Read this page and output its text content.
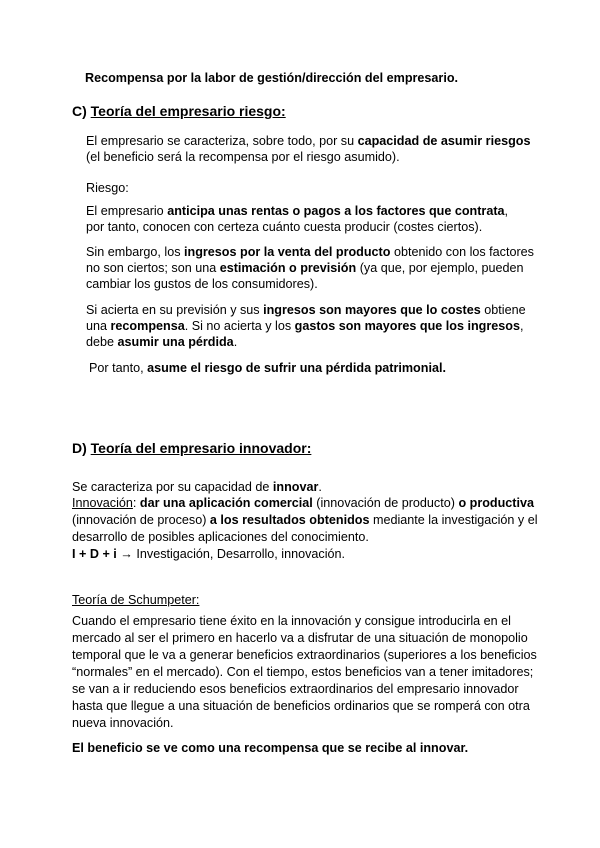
Recompensa por la labor de gestión/dirección del empresario.
C) Teoría del empresario riesgo:
El empresario se caracteriza, sobre todo, por su capacidad de asumir riesgos
(el beneficio será la recompensa por el riesgo asumido).
Riesgo:
El empresario anticipa unas rentas o pagos a los factores que contrata,
por tanto, conocen con certeza cuánto cuesta producir (costes ciertos).
Sin embargo, los ingresos por la venta del producto obtenido con los factores
no son ciertos; son una estimación o previsión (ya que, por ejemplo, pueden
cambiar los gustos de los consumidores).
Si acierta en su previsión y sus ingresos son mayores que lo costes obtiene
una recompensa. Si no acierta y los gastos son mayores que los ingresos,
debe asumir una pérdida.
Por tanto, asume el riesgo de sufrir una pérdida patrimonial.
D) Teoría del empresario innovador:
Se caracteriza por su capacidad de innovar.
Innovación: dar una aplicación comercial (innovación de producto) o productiva
(innovación de proceso) a los resultados obtenidos mediante la investigación y el
desarrollo de posibles aplicaciones del conocimiento.
I + D + i → Investigación, Desarrollo, innovación.
Teoría de Schumpeter:
Cuando el empresario tiene éxito en la innovación y consigue introducirla en el
mercado al ser el primero en hacerlo va a disfrutar de una situación de monopolio
temporal que le va a generar beneficios extraordinarios (superiores a los beneficios
“normales” en el mercado). Con el tiempo, estos beneficios van a tener imitadores;
se van a ir reduciendo esos beneficios extraordinarios del empresario innovador
hasta que llegue a una situación de beneficios ordinarios que se romperá con otra
nueva innovación.
El beneficio se ve como una recompensa que se recibe al innovar.
